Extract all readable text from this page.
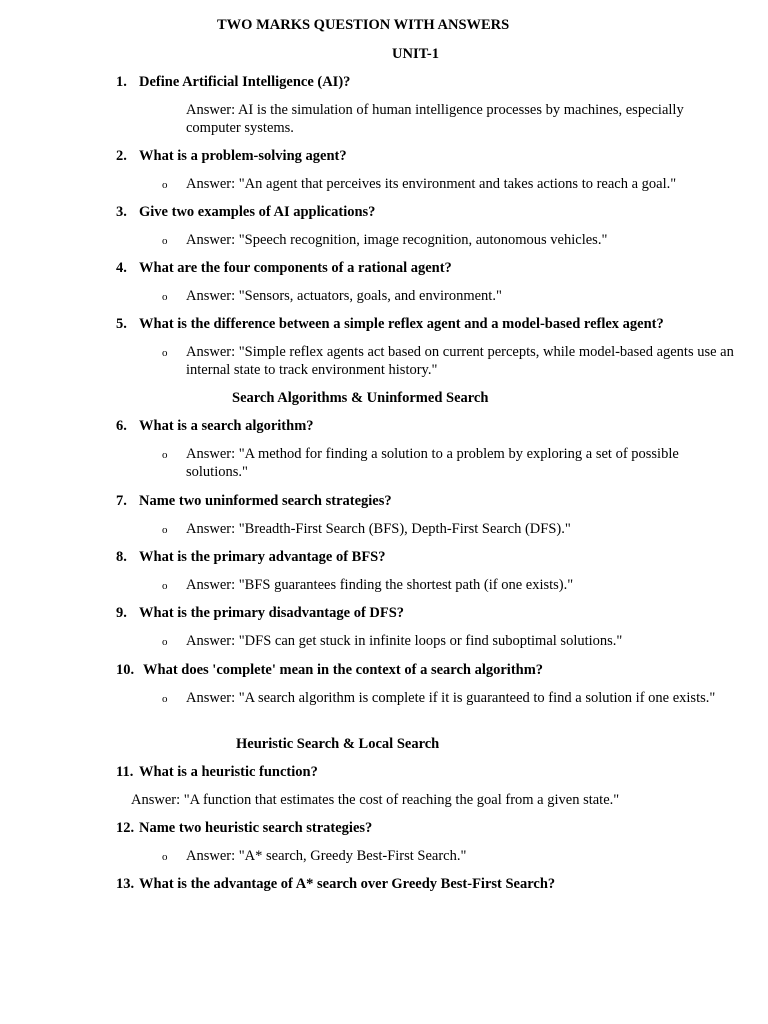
TWO MARKS QUESTION WITH ANSWERS
UNIT-1
1. Define Artificial Intelligence (AI)?
Answer: AI is the simulation of human intelligence processes by machines, especially computer systems.
2. What is a problem-solving agent?
o Answer: "An agent that perceives its environment and takes actions to reach a goal."
3. Give two examples of AI applications?
o Answer: "Speech recognition, image recognition, autonomous vehicles."
4. What are the four components of a rational agent?
o Answer: "Sensors, actuators, goals, and environment."
5. What is the difference between a simple reflex agent and a model-based reflex agent?
o Answer: "Simple reflex agents act based on current percepts, while model-based agents use an internal state to track environment history."
Search Algorithms & Uninformed Search
6. What is a search algorithm?
o Answer: "A method for finding a solution to a problem by exploring a set of possible solutions."
7. Name two uninformed search strategies?
o Answer: "Breadth-First Search (BFS), Depth-First Search (DFS)."
8. What is the primary advantage of BFS?
o Answer: "BFS guarantees finding the shortest path (if one exists)."
9. What is the primary disadvantage of DFS?
o Answer: "DFS can get stuck in infinite loops or find suboptimal solutions."
10. What does 'complete' mean in the context of a search algorithm?
o Answer: "A search algorithm is complete if it is guaranteed to find a solution if one exists."
Heuristic Search & Local Search
11. What is a heuristic function?
Answer: "A function that estimates the cost of reaching the goal from a given state."
12. Name two heuristic search strategies?
o Answer: "A* search, Greedy Best-First Search."
13. What is the advantage of A* search over Greedy Best-First Search?
